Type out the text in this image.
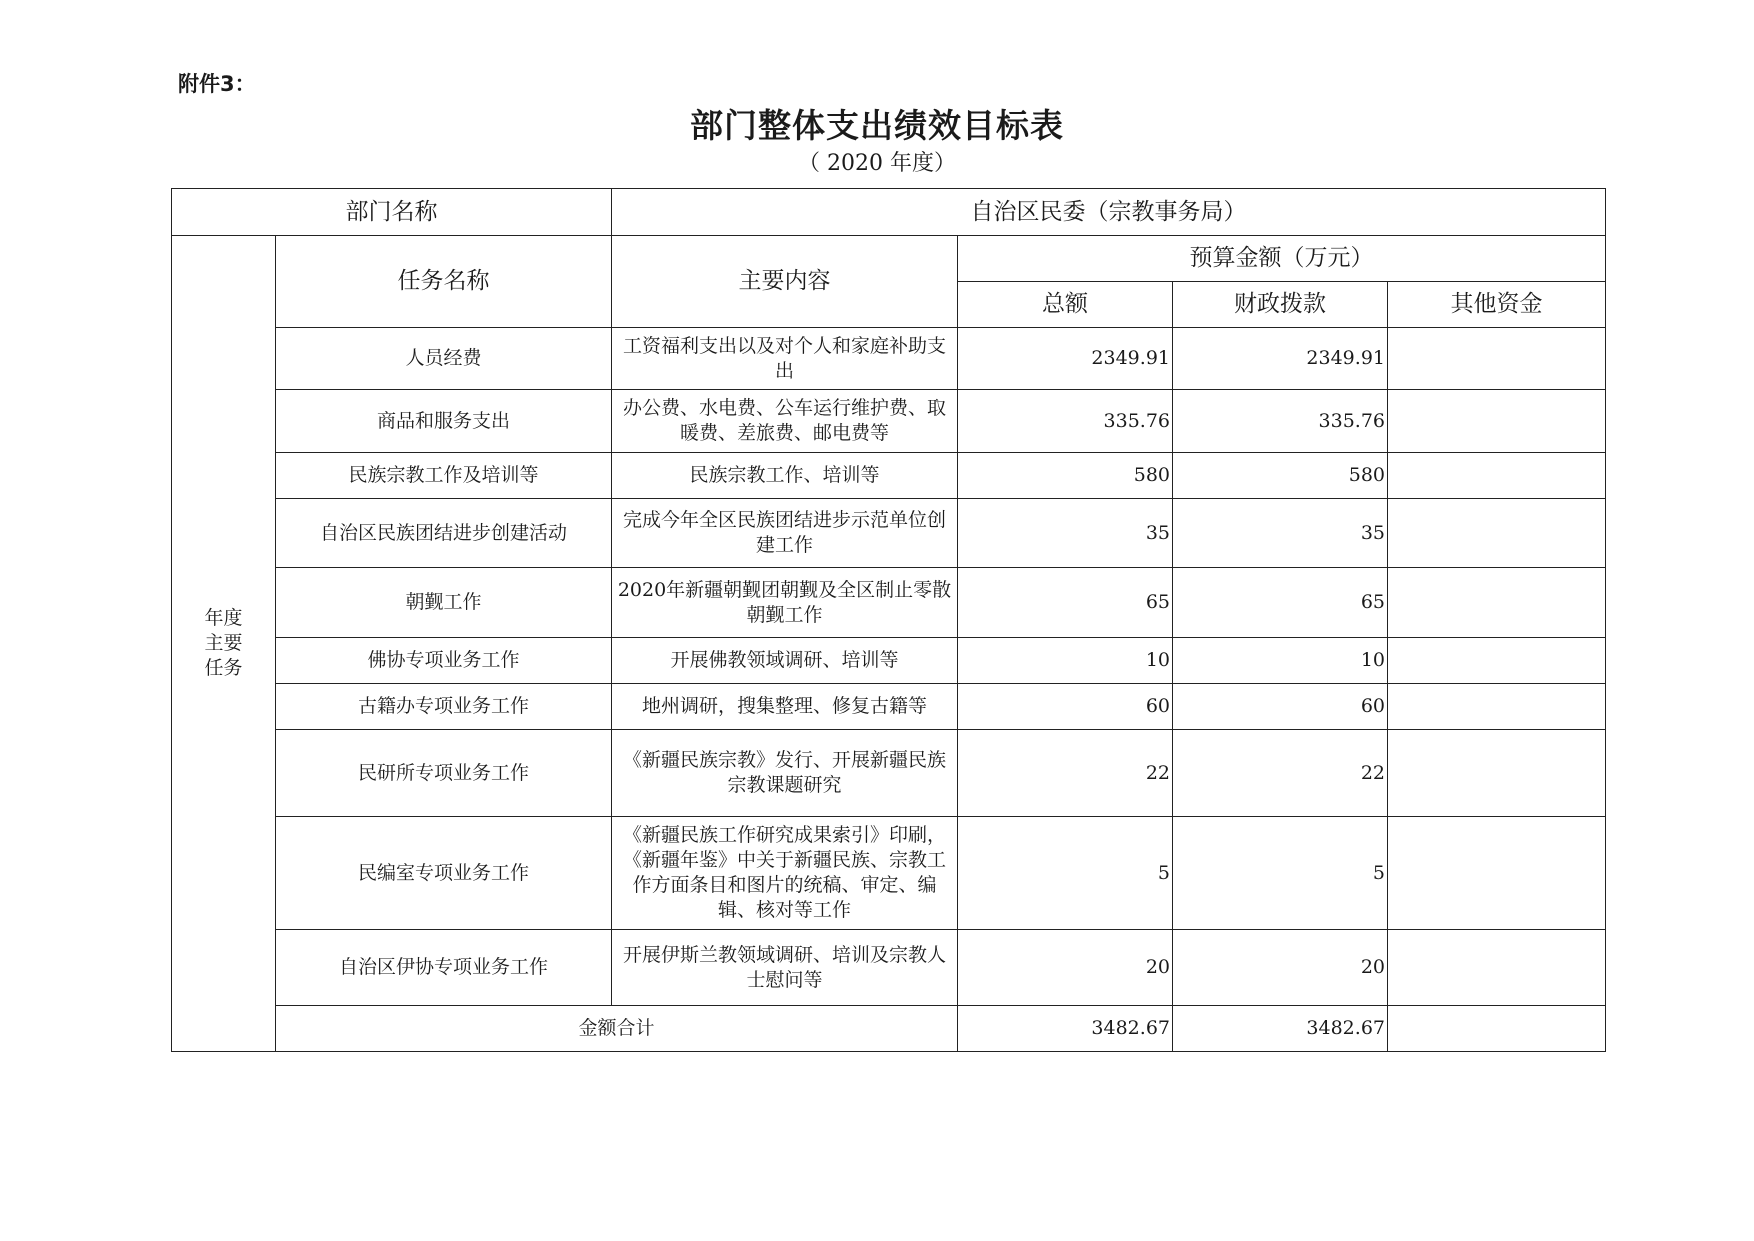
附件3：
部门整体支出绩效目标表
（ 2020 年度）
部门名称		自治区民委（宗教事务局）			
年度
主要
任务	任务名称	主要内容	预算金额（万元）		
			总额	财政拨款	其他资金
	人员经费	工资福利支出以及对个人和家庭补助支出	2349.91	2349.91	
	商品和服务支出	办公费、水电费、公车运行维护费、取暖费、差旅费、邮电费等	335.76	335.76	
	民族宗教工作及培训等	民族宗教工作、培训等	580	580	
	自治区民族团结进步创建活动	完成今年全区民族团结进步示范单位创建工作	35	35	
	朝觐工作	2020年新疆朝觐团朝觐及全区制止零散朝觐工作	65	65	
	佛协专项业务工作	开展佛教领域调研、培训等	10	10	
	古籍办专项业务工作	地州调研，搜集整理、修复古籍等	60	60	
	民研所专项业务工作	《新疆民族宗教》发行、开展新疆民族宗教课题研究	22	22	
	民编室专项业务工作	《新疆民族工作研究成果索引》印刷，《新疆年鉴》中关于新疆民族、宗教工作方面条目和图片的统稿、审定、编辑、核对等工作	5	5	
	自治区伊协专项业务工作	开展伊斯兰教领域调研、培训及宗教人士慰问等	20	20	
	金额合计		3482.67	3482.67	
